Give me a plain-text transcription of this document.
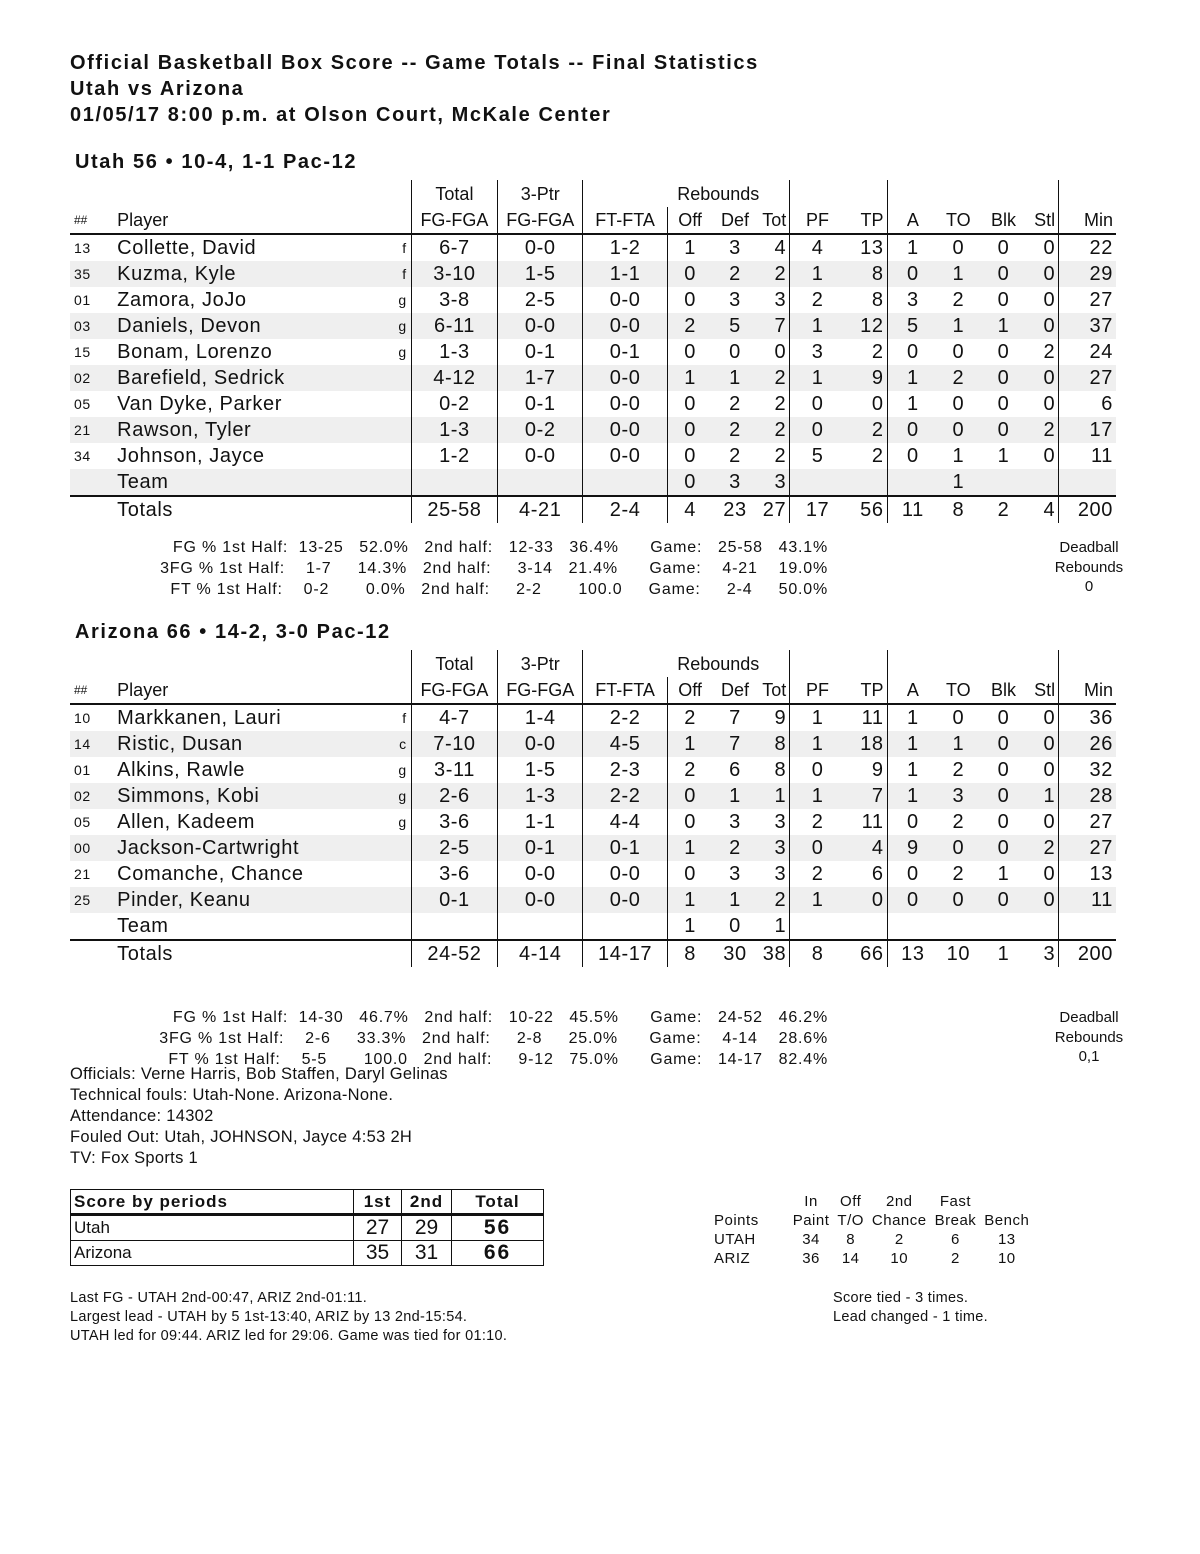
Official Basketball Box Score -- Game Totals -- Final Statistics
Utah vs Arizona
01/05/17 8:00 p.m. at Olson Court, McKale Center
Utah 56 • 10-4, 1-1 Pac-12
			Total	3-Ptr		Rebounds									
##	Player		FG-FGA	FG-FGA	FT-FTA	Off	Def	Tot	PF	TP	A	TO	Blk	Stl	Min
13	Collette, David	f	6-7	0-0	1-2	1	3	4	4	13	1	0	0	0	22
35	Kuzma, Kyle	f	3-10	1-5	1-1	0	2	2	1	8	0	1	0	0	29
01	Zamora, JoJo	g	3-8	2-5	0-0	0	3	3	2	8	3	2	0	0	27
03	Daniels, Devon	g	6-11	0-0	0-0	2	5	7	1	12	5	1	1	0	37
15	Bonam, Lorenzo	g	1-3	0-1	0-1	0	0	0	3	2	0	0	0	2	24
02	Barefield, Sedrick		4-12	1-7	0-0	1	1	2	1	9	1	2	0	0	27
05	Van Dyke, Parker		0-2	0-1	0-0	0	2	2	0	0	1	0	0	0	6
21	Rawson, Tyler		1-3	0-2	0-0	0	2	2	0	2	0	0	0	2	17
34	Johnson, Jayce		1-2	0-0	0-0	0	2	2	5	2	0	1	1	0	11
	Team					0	3	3				1			
	Totals		25-58	4-21	2-4	4	23	27	17	56	11	8	2	4	200
FG % 1st Half:  13-25   52.0%   2nd half:   12-33   36.4%      Game:   25-58   43.1%
3FG % 1st Half:    1-7     14.3%   2nd half:     3-14   21.4%      Game:    4-21    19.0%
FT % 1st Half:    0-2       0.0%   2nd half:     2-2       100.0     Game:     2-4     50.0%
Deadball
Rebounds
0
Arizona 66 • 14-2, 3-0 Pac-12
			Total	3-Ptr		Rebounds									
##	Player		FG-FGA	FG-FGA	FT-FTA	Off	Def	Tot	PF	TP	A	TO	Blk	Stl	Min
10	Markkanen, Lauri	f	4-7	1-4	2-2	2	7	9	1	11	1	0	0	0	36
14	Ristic, Dusan	c	7-10	0-0	4-5	1	7	8	1	18	1	1	0	0	26
01	Alkins, Rawle	g	3-11	1-5	2-3	2	6	8	0	9	1	2	0	0	32
02	Simmons, Kobi	g	2-6	1-3	2-2	0	1	1	1	7	1	3	0	1	28
05	Allen, Kadeem	g	3-6	1-1	4-4	0	3	3	2	11	0	2	0	0	27
00	Jackson-Cartwright		2-5	0-1	0-1	1	2	3	0	4	9	0	0	2	27
21	Comanche, Chance		3-6	0-0	0-0	0	3	3	2	6	0	2	1	0	13
25	Pinder, Keanu		0-1	0-0	0-0	1	1	2	1	0	0	0	0	0	11
	Team					1	0	1							
	Totals		24-52	4-14	14-17	8	30	38	8	66	13	10	1	3	200
FG % 1st Half:  14-30   46.7%   2nd half:   10-22   45.5%      Game:   24-52   46.2%
3FG % 1st Half:    2-6     33.3%   2nd half:     2-8     25.0%      Game:    4-14    28.6%
FT % 1st Half:    5-5       100.0   2nd half:     9-12   75.0%      Game:   14-17   82.4%
Deadball
Rebounds
0,1
Officials: Verne Harris, Bob Staffen, Daryl Gelinas
Technical fouls: Utah-None. Arizona-None.
Attendance: 14302
Fouled Out: Utah, JOHNSON, Jayce 4:53 2H
TV: Fox Sports 1
Score by periods	1st	2nd	Total
Utah	27	29	56
Arizona	35	31	66
	In	Off	2nd	Fast	
Points	Paint	T/O	Chance	Break	Bench
UTAH	34	8	2	6	13
ARIZ	36	14	10	2	10
Last FG - UTAH 2nd-00:47, ARIZ 2nd-01:11.
Largest lead - UTAH by 5 1st-13:40, ARIZ by 13 2nd-15:54.
UTAH led for 09:44. ARIZ led for 29:06. Game was tied for 01:10.
Score tied - 3 times.
Lead changed - 1 time.
